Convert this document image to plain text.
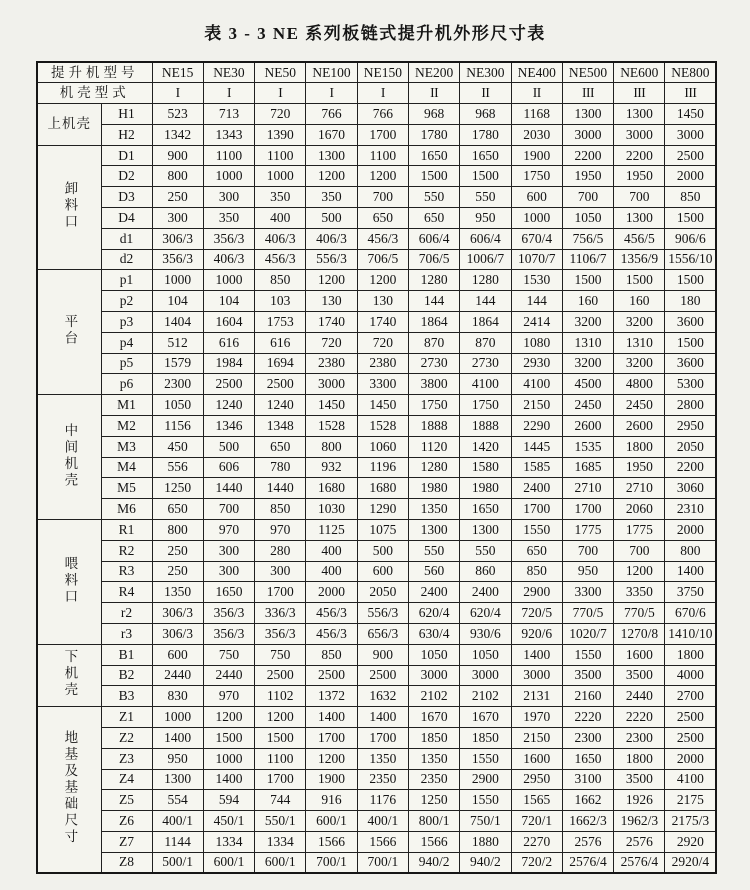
表 3 - 3 NE 系列板链式提升机外形尺寸表
提升机型号		NE15	NE30	NE50	NE100	NE150	NE200	NE300	NE400	NE500	NE600	NE800
机壳型式		I	I	I	I	I	II	II	II	III	III	III
上机壳	H1	523	713	720	766	766	968	968	1168	1300	1300	1450
	H2	1342	1343	1390	1670	1700	1780	1780	2030	3000	3000	3000
卸料口	D1	900	1100	1100	1300	1100	1650	1650	1900	2200	2200	2500
	D2	800	1000	1000	1200	1200	1500	1500	1750	1950	1950	2000
	D3	250	300	350	350	700	550	550	600	700	700	850
	D4	300	350	400	500	650	650	950	1000	1050	1300	1500
	d1	306/3	356/3	406/3	406/3	456/3	606/4	606/4	670/4	756/5	456/5	906/6
	d2	356/3	406/3	456/3	556/3	706/5	706/5	1006/7	1070/7	1106/7	1356/9	1556/10
平台	p1	1000	1000	850	1200	1200	1280	1280	1530	1500	1500	1500
	p2	104	104	103	130	130	144	144	144	160	160	180
	p3	1404	1604	1753	1740	1740	1864	1864	2414	3200	3200	3600
	p4	512	616	616	720	720	870	870	1080	1310	1310	1500
	p5	1579	1984	1694	2380	2380	2730	2730	2930	3200	3200	3600
	p6	2300	2500	2500	3000	3300	3800	4100	4100	4500	4800	5300
中间机壳	M1	1050	1240	1240	1450	1450	1750	1750	2150	2450	2450	2800
	M2	1156	1346	1348	1528	1528	1888	1888	2290	2600	2600	2950
	M3	450	500	650	800	1060	1120	1420	1445	1535	1800	2050
	M4	556	606	780	932	1196	1280	1580	1585	1685	1950	2200
	M5	1250	1440	1440	1680	1680	1980	1980	2400	2710	2710	3060
	M6	650	700	850	1030	1290	1350	1650	1700	1700	2060	2310
喂料口	R1	800	970	970	1125	1075	1300	1300	1550	1775	1775	2000
	R2	250	300	280	400	500	550	550	650	700	700	800
	R3	250	300	300	400	600	560	860	850	950	1200	1400
	R4	1350	1650	1700	2000	2050	2400	2400	2900	3300	3350	3750
	r2	306/3	356/3	336/3	456/3	556/3	620/4	620/4	720/5	770/5	770/5	670/6
	r3	306/3	356/3	356/3	456/3	656/3	630/4	930/6	920/6	1020/7	1270/8	1410/10
下机壳	B1	600	750	750	850	900	1050	1050	1400	1550	1600	1800
	B2	2440	2440	2500	2500	2500	3000	3000	3000	3500	3500	4000
	B3	830	970	1102	1372	1632	2102	2102	2131	2160	2440	2700
地基及基础尺寸	Z1	1000	1200	1200	1400	1400	1670	1670	1970	2220	2220	2500
	Z2	1400	1500	1500	1700	1700	1850	1850	2150	2300	2300	2500
	Z3	950	1000	1100	1200	1350	1350	1550	1600	1650	1800	2000
	Z4	1300	1400	1700	1900	2350	2350	2900	2950	3100	3500	4100
	Z5	554	594	744	916	1176	1250	1550	1565	1662	1926	2175
	Z6	400/1	450/1	550/1	600/1	400/1	800/1	750/1	720/1	1662/3	1962/3	2175/3
	Z7	1144	1334	1334	1566	1566	1566	1880	2270	2576	2576	2920
	Z8	500/1	600/1	600/1	700/1	700/1	940/2	940/2	720/2	2576/4	2576/4	2920/4
